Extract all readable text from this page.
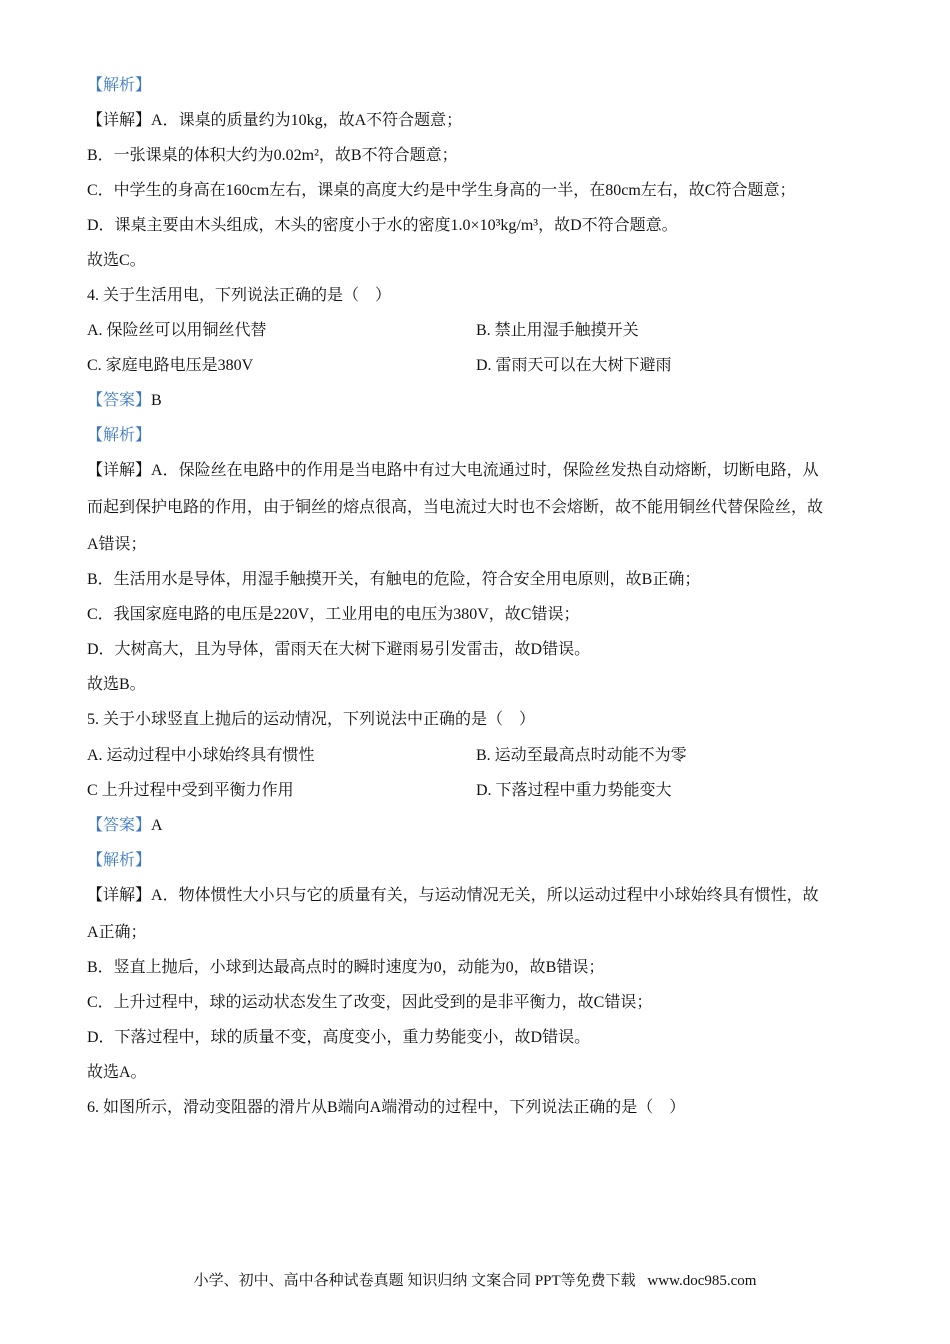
【解析】
【详解】A．课桌的质量约为10kg，故A不符合题意；
B．一张课桌的体积大约为0.02m²，故B不符合题意；
C．中学生的身高在160cm左右，课桌的高度大约是中学生身高的一半，在80cm左右，故C符合题意；
D．课桌主要由木头组成，木头的密度小于水的密度1.0×10³kg/m³，故D不符合题意。
故选C。
4. 关于生活用电，下列说法正确的是（　）
A. 保险丝可以用铜丝代替	B. 禁止用湿手触摸开关
C. 家庭电路电压是380V	D. 雷雨天可以在大树下避雨
【答案】B
【解析】
【详解】A．保险丝在电路中的作用是当电路中有过大电流通过时，保险丝发热自动熔断，切断电路，从
而起到保护电路的作用，由于铜丝的熔点很高，当电流过大时也不会熔断，故不能用铜丝代替保险丝，故
A错误；
B．生活用水是导体，用湿手触摸开关，有触电的危险，符合安全用电原则，故B正确；
C．我国家庭电路的电压是220V，工业用电的电压为380V，故C错误；
D．大树高大，且为导体，雷雨天在大树下避雨易引发雷击，故D错误。
故选B。
5. 关于小球竖直上抛后的运动情况，下列说法中正确的是（　）
A. 运动过程中小球始终具有惯性	B. 运动至最高点时动能不为零
C 上升过程中受到平衡力作用	D. 下落过程中重力势能变大
【答案】A
【解析】
【详解】A．物体惯性大小只与它的质量有关，与运动情况无关，所以运动过程中小球始终具有惯性，故
A正确；
B．竖直上抛后，小球到达最高点时的瞬时速度为0，动能为0，故B错误；
C．上升过程中，球的运动状态发生了改变，因此受到的是非平衡力，故C错误；
D．下落过程中，球的质量不变，高度变小，重力势能变小，故D错误。
故选A。
6. 如图所示，滑动变阻器的滑片从B端向A端滑动的过程中，下列说法正确的是（　）
小学、初中、高中各种试卷真题 知识归纳 文案合同 PPT等免费下载 www.doc985.com
